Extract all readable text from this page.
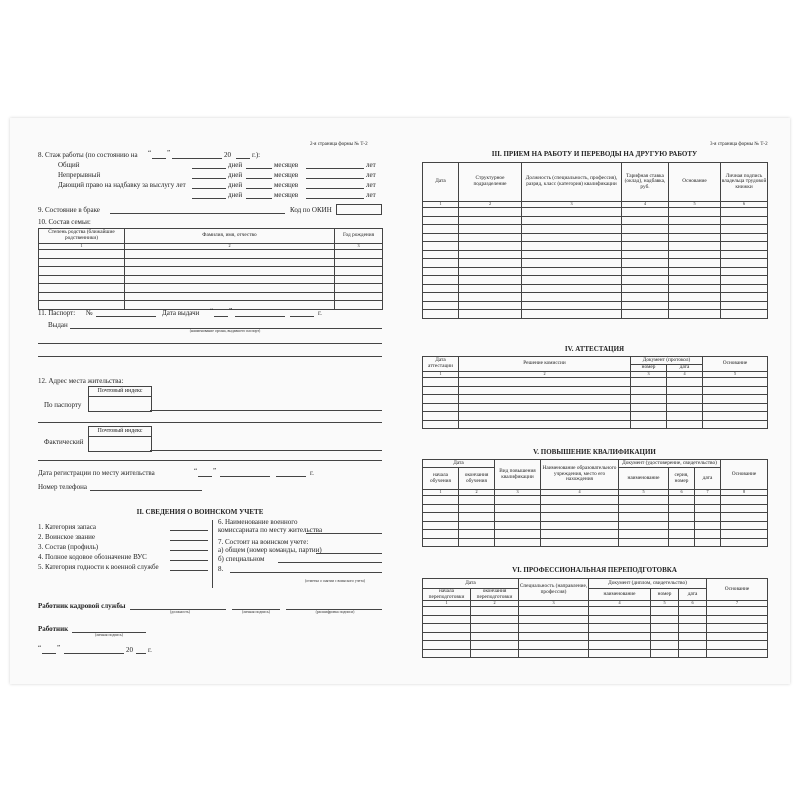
2-я страница формы № Т-2
8. Стаж работы (по состоянию на “ ”	20	г.):
Общий	дней	месяцев	лет
Непрерывный	дней	месяцев	лет
Дающий право на надбавку за выслугу лет	дней	месяцев	лет
дней	месяцев	лет
9. Состояние в браке	Код по ОКИН
10. Состав семьи:
Степень родства (ближайшие родственники)	Фамилия, имя, отчество	Год рождения
1	2	3

11. Паспорт: №	Дата выдачи “ ”	г.
Выдан
(наименование органа, выдавшего паспорт)
12. Адрес места жительства:
Почтовый индекс
По паспорту
Почтовый индекс
Фактический
Дата регистрации по месту жительства	“ ”	г.
Номер телефона
II. СВЕДЕНИЯ О ВОИНСКОМ УЧЕТЕ
1. Категория запаса
2. Воинское звание
3. Состав (профиль)
4. Полное кодовое обозначение ВУС
5. Категория годности к военной службе
6. Наименование военного
комиссариата по месту жительства
7. Состоит на воинском учете:
а) общем (номер команды, партии)
б) специальном
8.
(отметка о снятии с воинского учета)
Работник кадровой службы
(должность)	(личная подпись)	(расшифровка подписи)
Работник
(личная подпись)
“ ”	20 г.
3-я страница формы № Т-2
III. ПРИЕМ НА РАБОТУ И ПЕРЕВОДЫ НА ДРУГУЮ РАБОТУ
Дата	Структурное подразделение	Должность (специальность, профессия), разряд, класс (категория) квалификации	Тарифная ставка (оклад), надбавка, руб.	Основание	Личная подпись владельца трудовой книжки
1	2	3	4	5	6

IV. АТТЕСТАЦИЯ
Дата аттестации	Решение комиссии	Документ (протокол)		Основание
		номер	дата	
1	2	3	4	5

V. ПОВЫШЕНИЕ КВАЛИФИКАЦИИ
Дата		Вид повышения квалификации	Наименование образовательного учреждения, место его нахождения	Документ (удостоверение, свидетельство)			Основание
начала обучения	окончания обучения			наименование	серия, номер	дата	
1	2	3	4	5	6	7	8

VI. ПРОФЕССИОНАЛЬНАЯ ПЕРЕПОДГОТОВКА
Дата		Специальность (направление, профессия)	Документ (диплом, свидетельство)			Основание
начала переподготовки	окончания переподготовки		наименование	номер	дата	
1	2	3	4	5	6	7
